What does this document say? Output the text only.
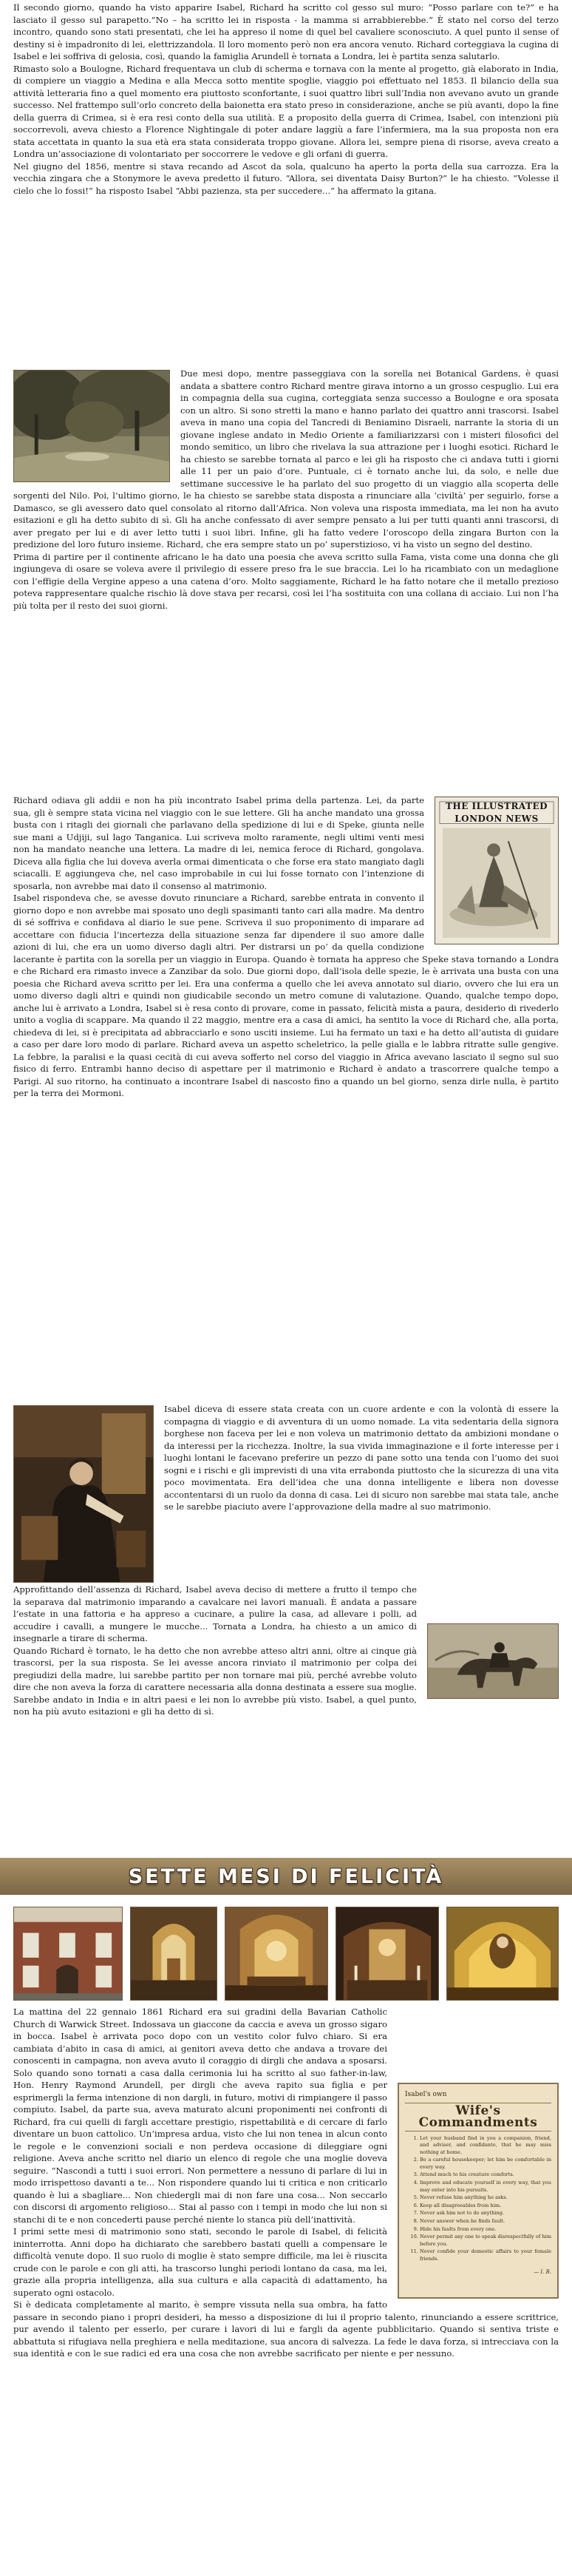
Il secondo giorno, quando ha visto apparire Isabel, Richard ha scritto col gesso sul muro: “Posso parlare con te?” e ha lasciato il gesso sul parapetto.“No – ha scritto lei in risposta - la mamma si arrabbierebbe.” È stato nel corso del terzo incontro, quando sono stati presentati, che lei ha appreso il nome di quel bel cavaliere sconosciuto. A quel punto il sense of destiny si è impadronito di lei, elettrizzandola. Il loro momento però non era ancora venuto. Richard corteggiava la cugina di Isabel e lei soffriva di gelosia, così, quando la famiglia Arundell è tornata a Londra, lei è partita senza salutarlo.

Rimasto solo a Boulogne, Richard frequentava un club di scherma e tornava con la mente al progetto, già elaborato in India, di compiere un viaggio a Medina e alla Mecca sotto mentite spoglie, viaggio poi effettuato nel 1853. Il bilancio della sua attività letteraria fino a quel momento era piuttosto sconfortante, i suoi quattro libri sull’India non avevano avuto un grande successo. Nel frattempo sull’orlo concreto della baionetta era stato preso in considerazione, anche se più avanti, dopo la fine della guerra di Crimea, si è era resi conto della sua utilità. E a proposito della guerra di Crimea, Isabel, con intenzioni più soccorrevoli, aveva chiesto a Florence Nightingale di poter andare laggiù a fare l’infermiera, ma la sua proposta non era stata accettata in quanto la sua età era stata considerata troppo giovane. Allora lei, sempre piena di risorse, aveva creato a Londra un’associazione di volontariato per soccorrere le vedove e gli orfani di guerra.

Nel giugno del 1856, mentre si stava recando ad Ascot da sola, qualcuno ha aperto la porta della sua carrozza. Era la vecchia zingara che a Stonymore le aveva predetto il futuro. “Allora, sei diventata Daisy Burton?” le ha chiesto. “Volesse il cielo che lo fossi!” ha risposto Isabel “Abbi pazienza, sta per succedere...” ha affermato la gitana.

Due mesi dopo, mentre passeggiava con la sorella nei Botanical Gardens, è quasi andata a sbattere contro Richard mentre girava intorno a un grosso cespuglio. Lui era in compagnia della sua cugina, corteggiata senza successo a Boulogne e ora sposata con un altro. Si sono stretti la mano e hanno parlato dei quattro anni trascorsi. Isabel aveva in mano una copia del Tancredi di Beniamino Disraeli, narrante la storia di un giovane inglese andato in Medio Oriente a familiarizzarsi con i misteri filosofici del mondo semitico, un libro che rivelava la sua attrazione per i luoghi esotici. Richard le ha chiesto se sarebbe tornata al parco e lei gli ha risposto che ci andava tutti i giorni alle 11 per un paio d’ore. Puntuale, ci è tornato anche lui, da solo, e nelle due settimane successive le ha parlato del suo progetto di un viaggio alla scoperta delle sorgenti del Nilo. Poi, l’ultimo giorno, le ha chiesto se sarebbe stata disposta a rinunciare alla ‘civiltà’ per seguirlo, forse a Damasco, se gli avessero dato quel consolato al ritorno dall’Africa. Non voleva una risposta immediata, ma lei non ha avuto esitazioni e gli ha detto subito di sì. Gli ha anche confessato di aver sempre pensato a lui per tutti quanti anni trascorsi, di aver pregato per lui e di aver letto tutti i suoi libri. Infine, gli ha fatto vedere l’oroscopo della zingara Burton con la predizione del loro futuro insieme. Richard, che era sempre stato un po’ superstizioso, vi ha visto un segno del destino.

Prima di partire per il continente africano le ha dato una poesia che aveva scritto sulla Fama, vista come una donna che gli ingiungeva di osare se voleva avere il privilegio di essere preso fra le sue braccia. Lei lo ha ricambiato con un medaglione con l’effigie della Vergine appeso a una catena d’oro. Molto saggiamente, Richard le ha fatto notare che il metallo prezioso poteva rappresentare qualche rischio là dove stava per recarsi, così lei l’ha sostituita con una collana di acciaio. Lui non l’ha più tolta per il resto dei suoi giorni.

THE ILLUSTRATED LONDON NEWS

Richard odiava gli addii e non ha più incontrato Isabel prima della partenza. Lei, da parte sua, gli è sempre stata vicina nel viaggio con le sue lettere. Gli ha anche mandato una grossa busta con i ritagli dei giornali che parlavano della spedizione di lui e di Speke, giunta nelle sue mani a Udjiji, sul lago Tanganica. Lui scriveva molto raramente, negli ultimi venti mesi non ha mandato neanche una lettera. La madre di lei, nemica feroce di Richard, gongolava. Diceva alla figlia che lui doveva averla ormai dimenticata o che forse era stato mangiato dagli sciacalli. E aggiungeva che, nel caso improbabile in cui lui fosse tornato con l’intenzione di sposarla, non avrebbe mai dato il consenso al matrimonio.

Isabel rispondeva che, se avesse dovuto rinunciare a Richard, sarebbe entrata in convento il giorno dopo e non avrebbe mai sposato uno degli spasimanti tanto cari alla madre. Ma dentro di sé soffriva e confidava al diario le sue pene. Scriveva il suo proponimento di imparare ad accettare con fiducia l’incertezza della situazione senza far dipendere il suo amore dalle azioni di lui, che era un uomo diverso dagli altri. Per distrarsi un po’ da quella condizione lacerante è partita con la sorella per un viaggio in Europa. Quando è tornata ha appreso che Speke stava tornando a Londra e che Richard era rimasto invece a Zanzibar da solo. Due giorni dopo, dall’isola delle spezie, le è arrivata una busta con una poesia che Richard aveva scritto per lei. Era una conferma a quello che lei aveva annotato sul diario, ovvero che lui era un uomo diverso dagli altri e quindi non giudicabile secondo un metro comune di valutazione. Quando, qualche tempo dopo, anche lui è arrivato a Londra, Isabel si è resa conto di provare, come in passato, felicità mista a paura, desiderio di rivederlo unito a voglia di scappare. Ma quando il 22 maggio, mentre era a casa di amici, ha sentito la voce di Richard che, alla porta, chiedeva di lei, si è precipitata ad abbracciarlo e sono usciti insieme. Lui ha fermato un taxi e ha detto all’autista di guidare a caso per dare loro modo di parlare. Richard aveva un aspetto scheletrico, la pelle gialla e le labbra ritratte sulle gengive. La febbre, la paralisi e la quasi cecità di cui aveva sofferto nel corso del viaggio in Africa avevano lasciato il segno sul suo fisico di ferro. Entrambi hanno deciso di aspettare per il matrimonio e Richard è andato a trascorrere qualche tempo a Parigi. Al suo ritorno, ha continuato a incontrare Isabel di nascosto fino a quando un bel giorno, senza dirle nulla, è partito per la terra dei Mormoni.

Isabel diceva di essere stata creata con un cuore ardente e con la volontà di essere la compagna di viaggio e di avventura di un uomo nomade. La vita sedentaria della signora borghese non faceva per lei e non voleva un matrimonio dettato da ambizioni mondane o da interessi per la ricchezza. Inoltre, la sua vivida immaginazione e il forte interesse per i luoghi lontani le facevano preferire un pezzo di pane sotto una tenda con l’uomo dei suoi sogni e i rischi e gli imprevisti di una vita errabonda piuttosto che la sicurezza di una vita poco movimentata. Era dell’idea che una donna intelligente e libera non dovesse accontentarsi di un ruolo da donna di casa. Lei di sicuro non sarebbe mai stata tale, anche se le sarebbe piaciuto avere l’approvazione della madre al suo matrimonio.

Approfittando dell’assenza di Richard, Isabel aveva deciso di mettere a frutto il tempo che la separava dal matrimonio imparando a cavalcare nei lavori manuali. È andata a passare l’estate in una fattoria e ha appreso a cucinare, a pulire la casa, ad allevare i polli, ad accudire i cavalli, a mungere le mucche... Tornata a Londra, ha chiesto a un amico di insegnarle a tirare di scherma.

Quando Richard è tornato, le ha detto che non avrebbe atteso altri anni, oltre ai cinque già trascorsi, per la sua risposta. Se lei avesse ancora rinviato il matrimonio per colpa dei pregiudizi della madre, lui sarebbe partito per non tornare mai più, perché avrebbe voluto dire che non aveva la forza di carattere necessaria alla donna destinata a essere sua moglie. Sarebbe andato in India e in altri paesi e lei non lo avrebbe più visto. Isabel, a quel punto, non ha più avuto esitazioni e gli ha detto di sì.

SETTE MESI DI FELICITÀ
Isabel's own
Wife's Commandments
1. Let your husband find in you a companion, friend, and adviser, and confidante, that he may miss nothing at home.
2. Be a careful housekeeper; let him be comfortable in every way.
3. Attend much to his creature comforts.
4. Improve and educate yourself in every way, that you may enter into his pursuits.
5. Never refuse him anything he asks.
6. Keep all disagreeables from him.
7. Never ask him not to do anything.
8. Never answer when he finds fault.
9. Hide his faults from every one.
10. Never permit any one to speak disrespectfully of him before you.
11. Never confide your domestic affairs to your female friends.
— I. B.

La mattina del 22 gennaio 1861 Richard era sui gradini della Bavarian Catholic Church di Warwick Street. Indossava un giaccone da caccia e aveva un grosso sigaro in bocca. Isabel è arrivata poco dopo con un vestito color fulvo chiaro. Si era cambiata d’abito in casa di amici, ai genitori aveva detto che andava a trovare dei conoscenti in campagna, non aveva avuto il coraggio di dirgli che andava a sposarsi. Solo quando sono tornati a casa dalla cerimonia lui ha scritto al suo father-in-law, Hon. Henry Raymond Arundell, per dirgli che aveva rapito sua figlia e per esprimergli la ferma intenzione di non dargli, in futuro, motivi di rimpiangere il passo compiuto. Isabel, da parte sua, aveva maturato alcuni proponimenti nei confronti di Richard, fra cui quelli di fargli accettare prestigio, rispettabilità e di cercare di farlo diventare un buon cattolico. Un’impresa ardua, visto che lui non tenea in alcun conto le regole e le convenzioni sociali e non perdeva occasione di dileggiare ogni religione. Aveva anche scritto nel diario un elenco di regole che una moglie doveva seguire. “Nascondi a tutti i suoi errori. Non permettere a nessuno di parlare di lui in modo irrispettoso davanti a te... Non rispondere quando lui ti critica e non criticarlo quando è lui a sbagliare... Non chiedergli mai di non fare una cosa... Non seccarlo con discorsi di argomento religioso... Stai al passo con i tempi in modo che lui non si stanchi di te e non concederti pause perché niente lo stanca più dell’inattività.

I primi sette mesi di matrimonio sono stati, secondo le parole di Isabel, di felicità ininterrotta. Anni dopo ha dichiarato che sarebbero bastati quelli a compensare le difficoltà venute dopo. Il suo ruolo di moglie è stato sempre difficile, ma lei è riuscita crude con le parole e con gli atti, ha trascorso lunghi periodi lontano da casa, ma lei, grazie alla propria intelligenza, alla sua cultura e alla capacità di adattamento, ha superato ogni ostacolo.

Si è dedicata completamente al marito, è sempre vissuta nella sua ombra, ha fatto passare in secondo piano i propri desideri, ha messo a disposizione di lui il proprio talento, rinunciando a essere scrittrice, pur avendo il talento per esserlo, per curare i lavori di lui e fargli da agente pubblicitario. Quando si sentiva triste e abbattuta si rifugiava nella preghiera e nella meditazione, sua ancora di salvezza. La fede le dava forza, si intrecciava con la sua identità e con le sue radici ed era una cosa che non avrebbe sacrificato per niente e per nessuno.
